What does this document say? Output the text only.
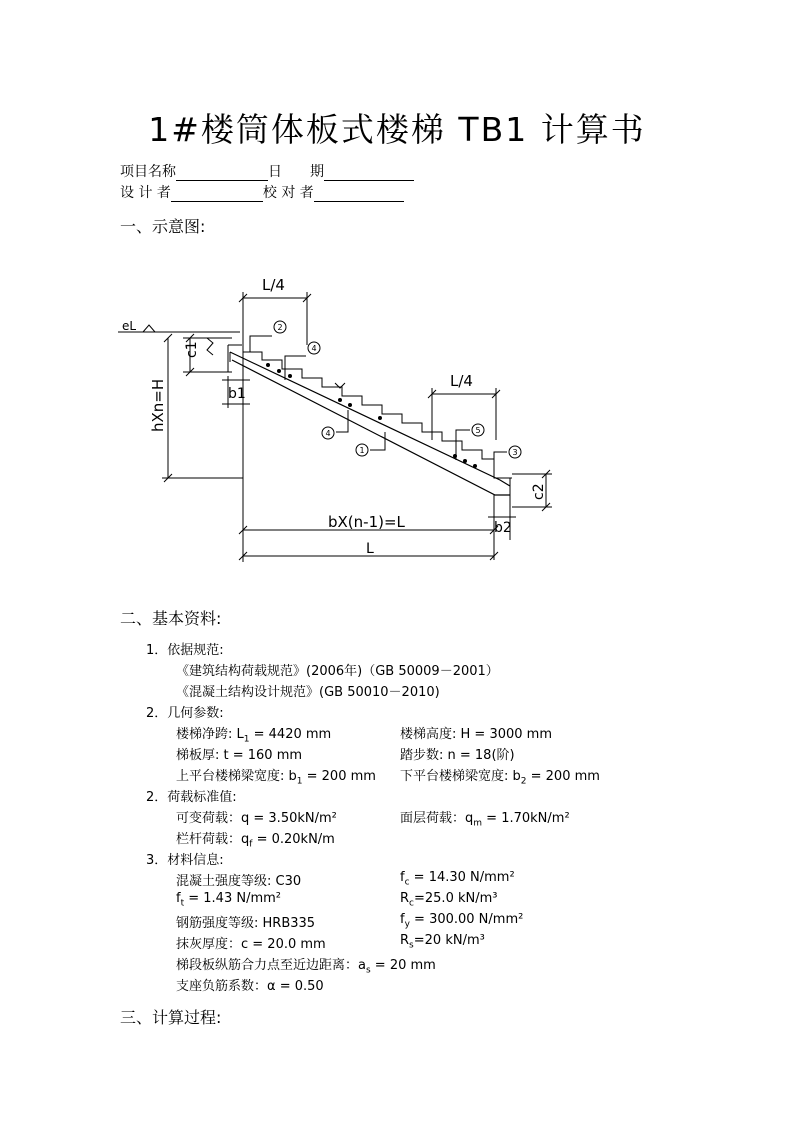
1#楼筒体板式楼梯 TB1 计算书
项目名称	日　　期
设 计 者	校 对 者
一、示意图:
2
4
4
1
5
3
L/4
L/4
eL
b1
b2
bX(n-1)=L
L
c1
c2
hXn=H
二、基本资料:
1．依据规范:
《建筑结构荷载规范》(2006年)（GB 50009－2001）
《混凝土结构设计规范》(GB 50010－2010)
2．几何参数:
楼梯净跨: $L_1 = 4420$ mm	楼梯高度: H = 3000 mm
梯板厚: t = 160 mm	踏步数: n = 18(阶)
上平台楼梯梁宽度: $b_1 = 200$ mm 下平台楼梯梁宽度: $b_2 = 200$ mm
2．荷载标准值:
可变荷载：q = 3.50kN/m²	面层荷载：$q_m = 1.70kN/m^2$
栏杆荷载：$q_f = 0.20kN/m$
3．材料信息:
混凝土强度等级: C30	$f_c = 14.30$ N/mm²
$f_t = 1.43$ N/mm²	$R_c=25.0$ kN/m³
钢筋强度等级: HRB335	$f_y = 300.00$ N/mm²
抹灰厚度：c = 20.0 mm	$R_s=20$ kN/m³
梯段板纵筋合力点至近边距离：$a_s = 20$ mm
支座负筋系数：α = 0.50
三、计算过程:
